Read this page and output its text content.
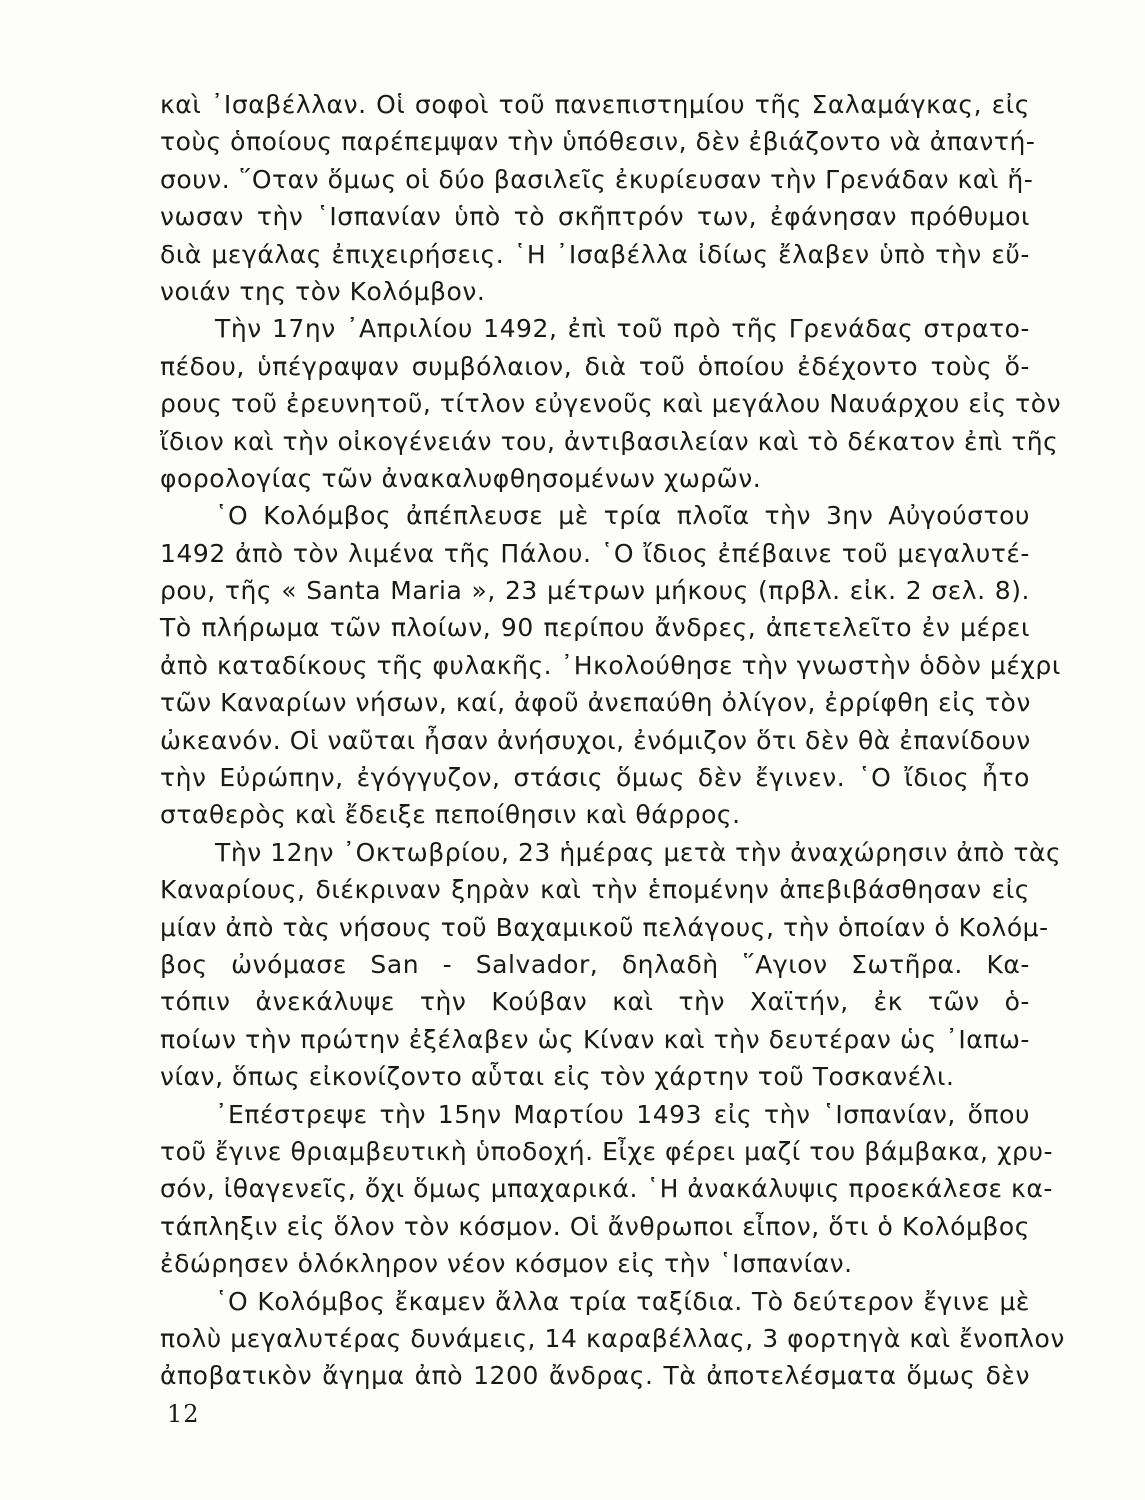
καὶ ᾿Ισαβέλλαν. Οἱ σοφοὶ τοῦ πανεπιστημίου τῆς Σαλαμάγκας, εἰς
τοὺς ὁποίους παρέπεμψαν τὴν ὑπόθεσιν, δὲν ἐβιάζοντο νὰ ἀπαντή-
σουν. ῞Οταν ὅμως οἱ δύο βασιλεῖς ἐκυρίευσαν τὴν Γρενάδαν καὶ ἥ-
νωσαν τὴν ῾Ισπανίαν ὑπὸ τὸ σκῆπτρόν των, ἐφάνησαν πρόθυμοι
διὰ μεγάλας ἐπιχειρήσεις. ῾Η ᾿Ισαβέλλα ἰδίως ἔλαβεν ὑπὸ τὴν εὔ-
νοιάν της τὸν Κολόμβον.
Τὴν 17ην ᾿Απριλίου 1492, ἐπὶ τοῦ πρὸ τῆς Γρενάδας στρατο-
πέδου, ὑπέγραψαν συμβόλαιον, διὰ τοῦ ὁποίου ἐδέχοντο τοὺς ὅ-
ρους τοῦ ἐρευνητοῦ, τίτλον εὐγενοῦς καὶ μεγάλου Ναυάρχου εἰς τὸν
ἴδιον καὶ τὴν οἰκογένειάν του, ἀντιβασιλείαν καὶ τὸ δέκατον ἐπὶ τῆς
φορολογίας τῶν ἀνακαλυφθησομένων χωρῶν.
῾Ο Κολόμβος ἀπέπλευσε μὲ τρία πλοῖα τὴν 3ην Αὐγούστου
1492 ἀπὸ τὸν λιμένα τῆς Πάλου. ῾Ο ἴδιος ἐπέβαινε τοῦ μεγαλυτέ-
ρου, τῆς « Santa Maria », 23 μέτρων μήκους (πρβλ. εἰκ. 2 σελ. 8).
Τὸ πλήρωμα τῶν πλοίων, 90 περίπου ἄνδρες, ἀπετελεῖτο ἐν μέρει
ἀπὸ καταδίκους τῆς φυλακῆς. ᾿Ηκολούθησε τὴν γνωστὴν ὁδὸν μέχρι
τῶν Καναρίων νήσων, καί, ἀφοῦ ἀνεπαύθη ὀλίγον, ἐρρίφθη εἰς τὸν
ὠκεανόν. Οἱ ναῦται ἦσαν ἀνήσυχοι, ἐνόμιζον ὅτι δὲν θὰ ἐπανίδουν
τὴν Εὐρώπην, ἐγόγγυζον, στάσις ὅμως δὲν ἔγινεν. ῾Ο ἴδιος ἦτο
σταθερὸς καὶ ἔδειξε πεποίθησιν καὶ θάρρος.
Τὴν 12ην ᾿Οκτωβρίου, 23 ἡμέρας μετὰ τὴν ἀναχώρησιν ἀπὸ τὰς
Καναρίους, διέκριναν ξηρὰν καὶ τὴν ἑπομένην ἀπεβιβάσθησαν εἰς
μίαν ἀπὸ τὰς νήσους τοῦ Βαχαμικοῦ πελάγους, τὴν ὁποίαν ὁ Κολόμ-
βος ὠνόμασε San - Salvador, δηλαδὴ ῞Αγιον Σωτῆρα. Κα-
τόπιν ἀνεκάλυψε τὴν Κούβαν καὶ τὴν Χαϊτήν, ἐκ τῶν ὁ-
ποίων τὴν πρώτην ἐξέλαβεν ὡς Κίναν καὶ τὴν δευτέραν ὡς ᾿Ιαπω-
νίαν, ὅπως εἰκονίζοντο αὗται εἰς τὸν χάρτην τοῦ Τοσκανέλι.
᾿Επέστρεψε τὴν 15ην Μαρτίου 1493 εἰς τὴν ῾Ισπανίαν, ὅπου
τοῦ ἔγινε θριαμβευτικὴ ὑποδοχή. Εἶχε φέρει μαζί του βάμβακα, χρυ-
σόν, ἰθαγενεῖς, ὄχι ὅμως μπαχαρικά. ῾Η ἀνακάλυψις προεκάλεσε κα-
τάπληξιν εἰς ὅλον τὸν κόσμον. Οἱ ἄνθρωποι εἶπον, ὅτι ὁ Κολόμβος
ἐδώρησεν ὁλόκληρον νέον κόσμον εἰς τὴν ῾Ισπανίαν.
῾Ο Κολόμβος ἔκαμεν ἄλλα τρία ταξίδια. Τὸ δεύτερον ἔγινε μὲ
πολὺ μεγαλυτέρας δυνάμεις, 14 καραβέλλας, 3 φορτηγὰ καὶ ἔνοπλον
ἀποβατικὸν ἄγημα ἀπὸ 1200 ἄνδρας. Τὰ ἀποτελέσματα ὅμως δὲν
12
